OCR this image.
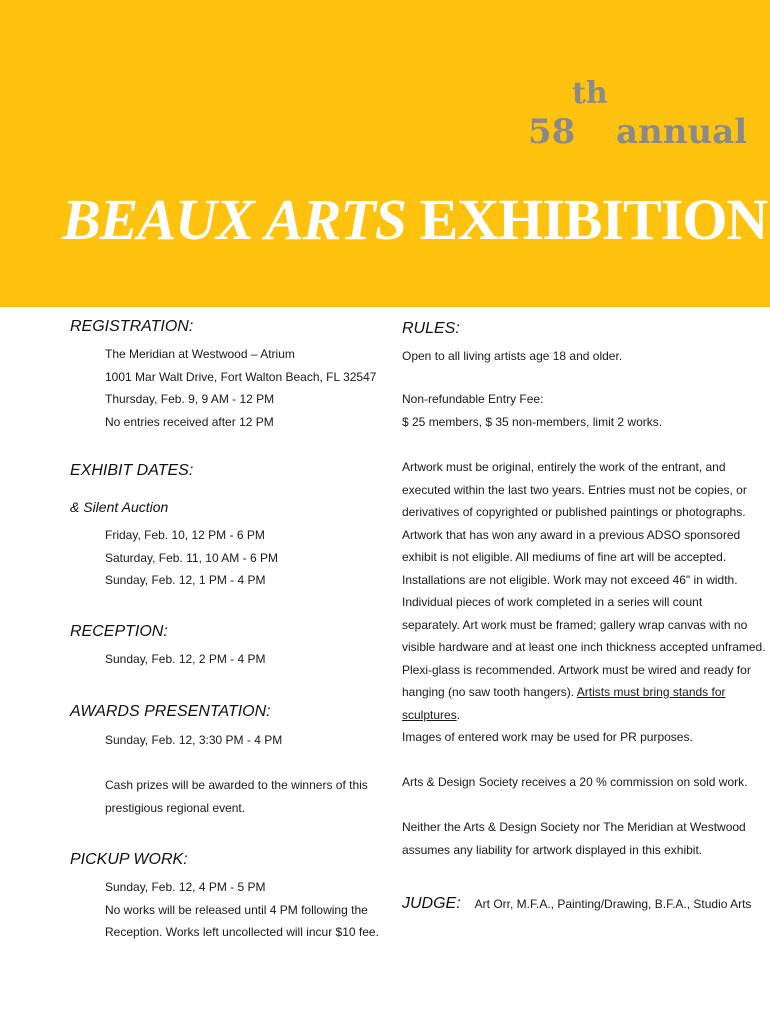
58
th
annual
BEAUX ARTS EXHIBITION
REGISTRATION:
The Meridian at Westwood – Atrium
1001 Mar Walt Drive, Fort Walton Beach, FL 32547
Thursday, Feb. 9, 9 AM - 12 PM
No entries received after 12 PM
EXHIBIT DATES:
& Silent Auction
Friday, Feb. 10, 12 PM - 6 PM
Saturday, Feb. 11, 10 AM - 6 PM
Sunday, Feb. 12, 1 PM - 4 PM
RECEPTION:
Sunday, Feb. 12, 2 PM - 4 PM
AWARDS PRESENTATION:
Sunday, Feb. 12, 3:30 PM - 4 PM
Cash prizes will be awarded to the winners of this
prestigious regional event.
PICKUP WORK:
Sunday, Feb. 12, 4 PM - 5 PM
No works will be released until 4 PM following the
Reception. Works left uncollected will incur $10 fee.
RULES:
Open to all living artists age 18 and older.
Non-refundable Entry Fee:
$ 25 members, $ 35 non-members, limit 2 works.
Artwork must be original, entirely the work of the entrant, and
executed within the last two years. Entries must not be copies, or
derivatives of copyrighted or published paintings or photographs.
Artwork that has won any award in a previous ADSO sponsored
exhibit is not eligible. All mediums of fine art will be accepted.
Installations are not eligible. Work may not exceed 46" in width.
Individual pieces of work completed in a series will count
separately. Art work must be framed; gallery wrap canvas with no
visible hardware and at least one inch thickness accepted unframed.
Plexi-glass is recommended. Artwork must be wired and ready for
hanging (no saw tooth hangers). Artists must bring stands for
sculptures.
Images of entered work may be used for PR purposes.
Arts & Design Society receives a 20 % commission on sold work.
Neither the Arts & Design Society nor The Meridian at Westwood
assumes any liability for artwork displayed in this exhibit.
JUDGE: Art Orr, M.F.A., Painting/Drawing, B.F.A., Studio Arts
